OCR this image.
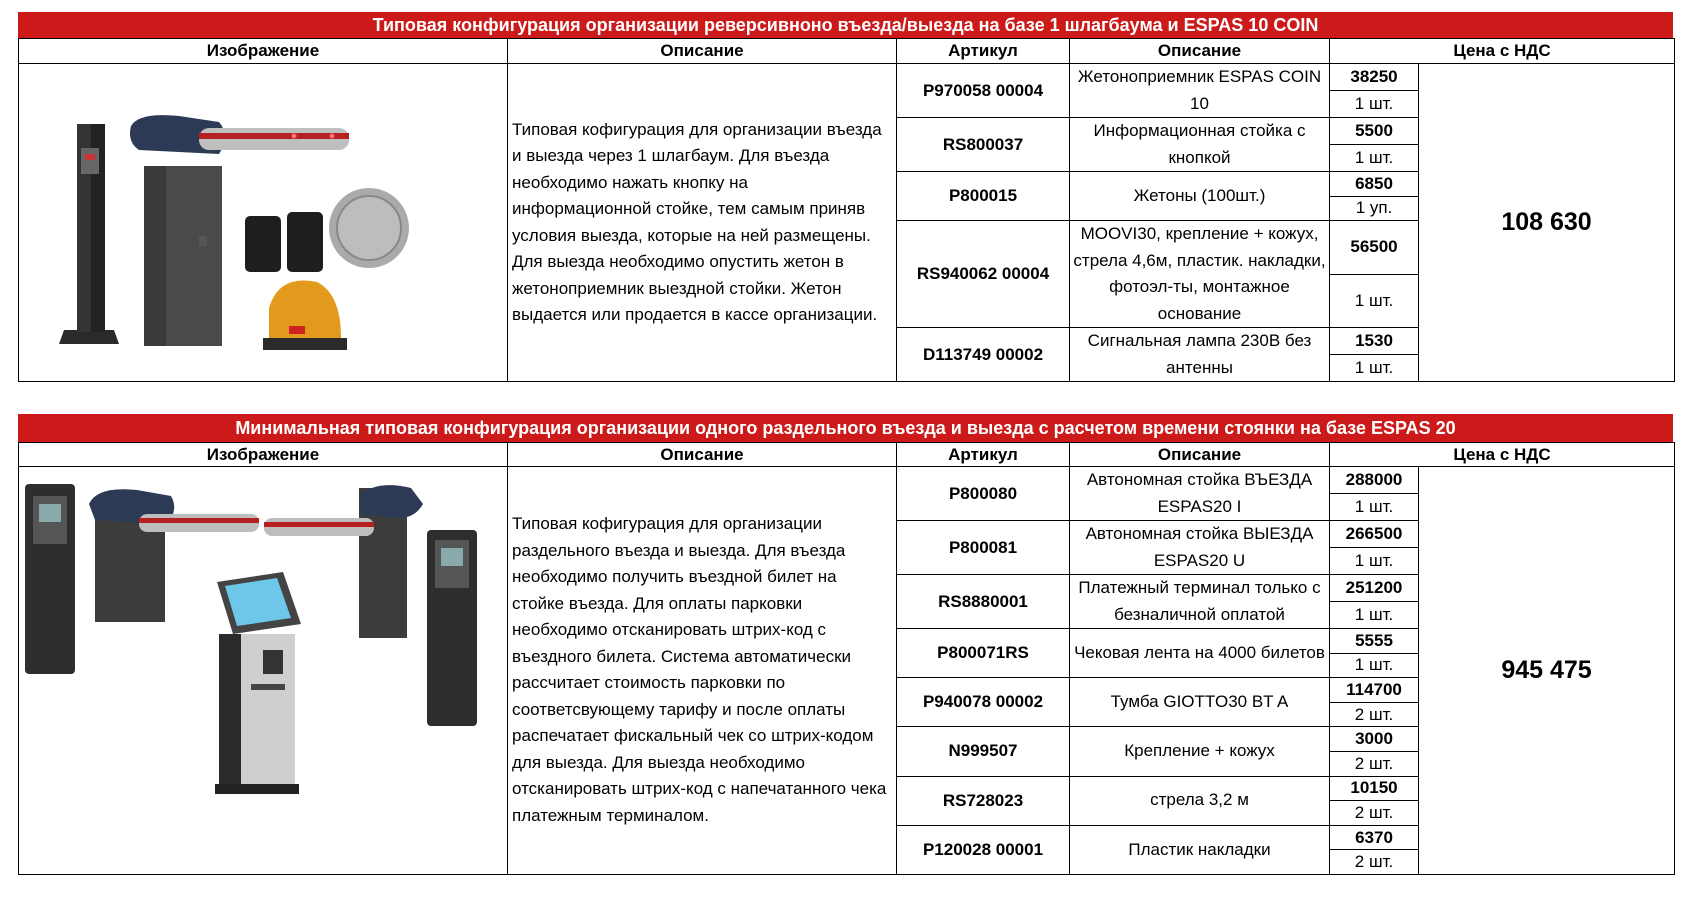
Типовая конфигурация организации реверсивноно въезда/выезда на базе 1 шлагбаума и ESPAS 10 COIN
Изображение	Описание	Артикул	Описание	Цена с НДС	

	Типовая кофигурация для организации въезда и выезда через 1 шлагбаум. Для въезда необходимо нажать кнопку на информационной стойке, тем самым приняв условия выезда, которые на ней размещены. Для выезда необходимо опустить жетон в жетоноприемник выездной стойки. Жетон выдается или продается в кассе организации.	P970058 00004	Жетоноприемник ESPAS COIN 10	38250	108 630
				1 шт.	
		RS800037	Информационная стойка с кнопкой	5500	
				1 шт.	
		P800015	Жетоны (100шт.)	6850	
				1 уп.	
		RS940062 00004	MOOVI30, крепление + кожух, стрела 4,6м, пластик. накладки, фотоэл-ты, монтажное основание	56500	
				1 шт.	
		D113749 00002	Сигнальная лампа 230В без антенны	1530	
				1 шт.	
Минимальная типовая конфигурация организации одного раздельного въезда и выезда с расчетом времени стоянки на базе ESPAS 20
Изображение	Описание	Артикул	Описание	Цена с НДС	

	Типовая кофигурация для организации раздельного въезда и выезда. Для въезда необходимо получить въездной билет на стойке въезда. Для оплаты парковки необходимо отсканировать штрих-код с въездного билета. Система автоматически рассчитает стоимость парковки по соответсвующему тарифу и после оплаты распечатает фискальный чек со штрих-кодом для выезда. Для выезда необходимо отсканировать штрих-код с напечатанного чека платежным терминалом.	P800080	Автономная стойка ВЪЕЗДА ESPAS20 I	288000	945 475
				1 шт.	
		P800081	Автономная стойка ВЫЕЗДА ESPAS20 U	266500	
				1 шт.	
		RS8880001	Платежный терминал только с безналичной оплатой	251200	
				1 шт.	
		P800071RS	Чековая лента на 4000 билетов	5555	
				1 шт.	
		P940078 00002	Тумба GIOTTO30 BT A	114700	
				2 шт.	
		N999507	Крепление + кожух	3000	
				2 шт.	
		RS728023	стрела 3,2 м	10150	
				2 шт.	
		P120028 00001	Пластик накладки	6370	
				2 шт.	
